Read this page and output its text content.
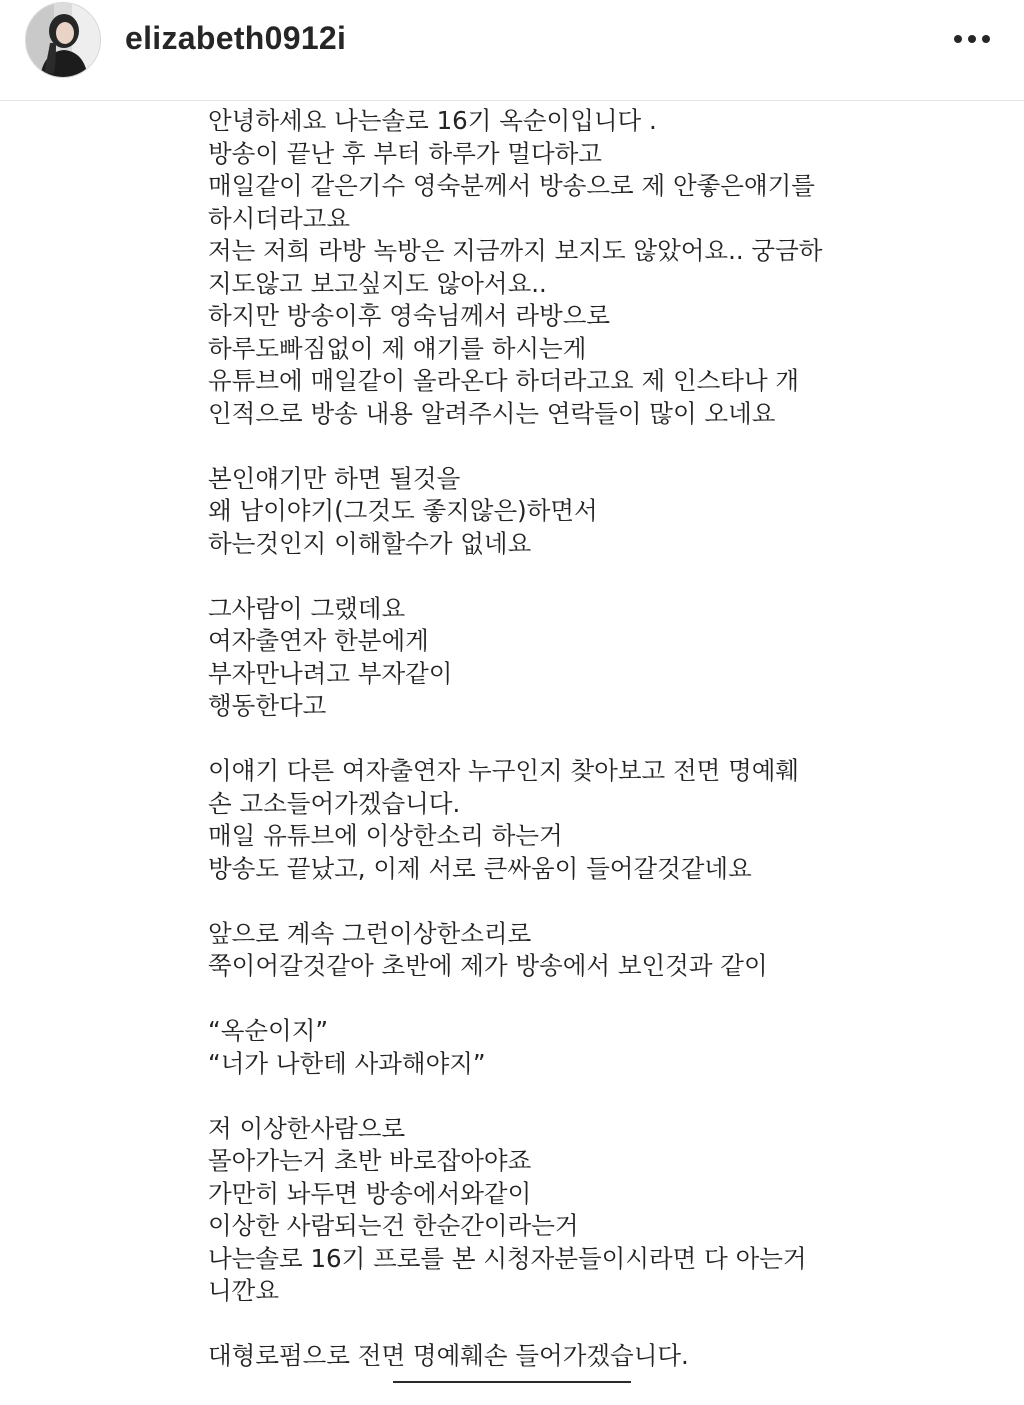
elizabeth0912i

안녕하세요 나는솔로 16기 옥순이입니다 .

방송이 끝난 후 부터 하루가 멀다하고

매일같이 같은기수 영숙분께서 방송으로 제 안좋은얘기를

하시더라고요

저는 저희 라방 녹방은 지금까지 보지도 않았어요.. 궁금하

지도않고 보고싶지도 않아서요..

하지만 방송이후 영숙님께서 라방으로

하루도빠짐없이 제 얘기를 하시는게

유튜브에 매일같이 올라온다 하더라고요 제 인스타나 개

인적으로 방송 내용 알려주시는 연락들이 많이 오네요

본인얘기만 하면 될것을

왜 남이야기(그것도 좋지않은)하면서

하는것인지 이해할수가 없네요

그사람이 그랬데요

여자출연자 한분에게

부자만나려고 부자같이

행동한다고

이얘기 다른 여자출연자 누구인지 찾아보고 전면 명예훼

손 고소들어가겠습니다.

매일 유튜브에 이상한소리 하는거

방송도 끝났고, 이제 서로 큰싸움이 들어갈것같네요

앞으로 계속 그런이상한소리로

쭉이어갈것같아 초반에 제가 방송에서 보인것과 같이

“옥순이지”

“너가 나한테 사과해야지”

저 이상한사람으로

몰아가는거 초반 바로잡아야죠

가만히 놔두면 방송에서와같이

이상한 사람되는건 한순간이라는거

나는솔로 16기 프로를 본 시청자분들이시라면 다 아는거

니깐요

대형로펌으로 전면 명예훼손 들어가겠습니다.
